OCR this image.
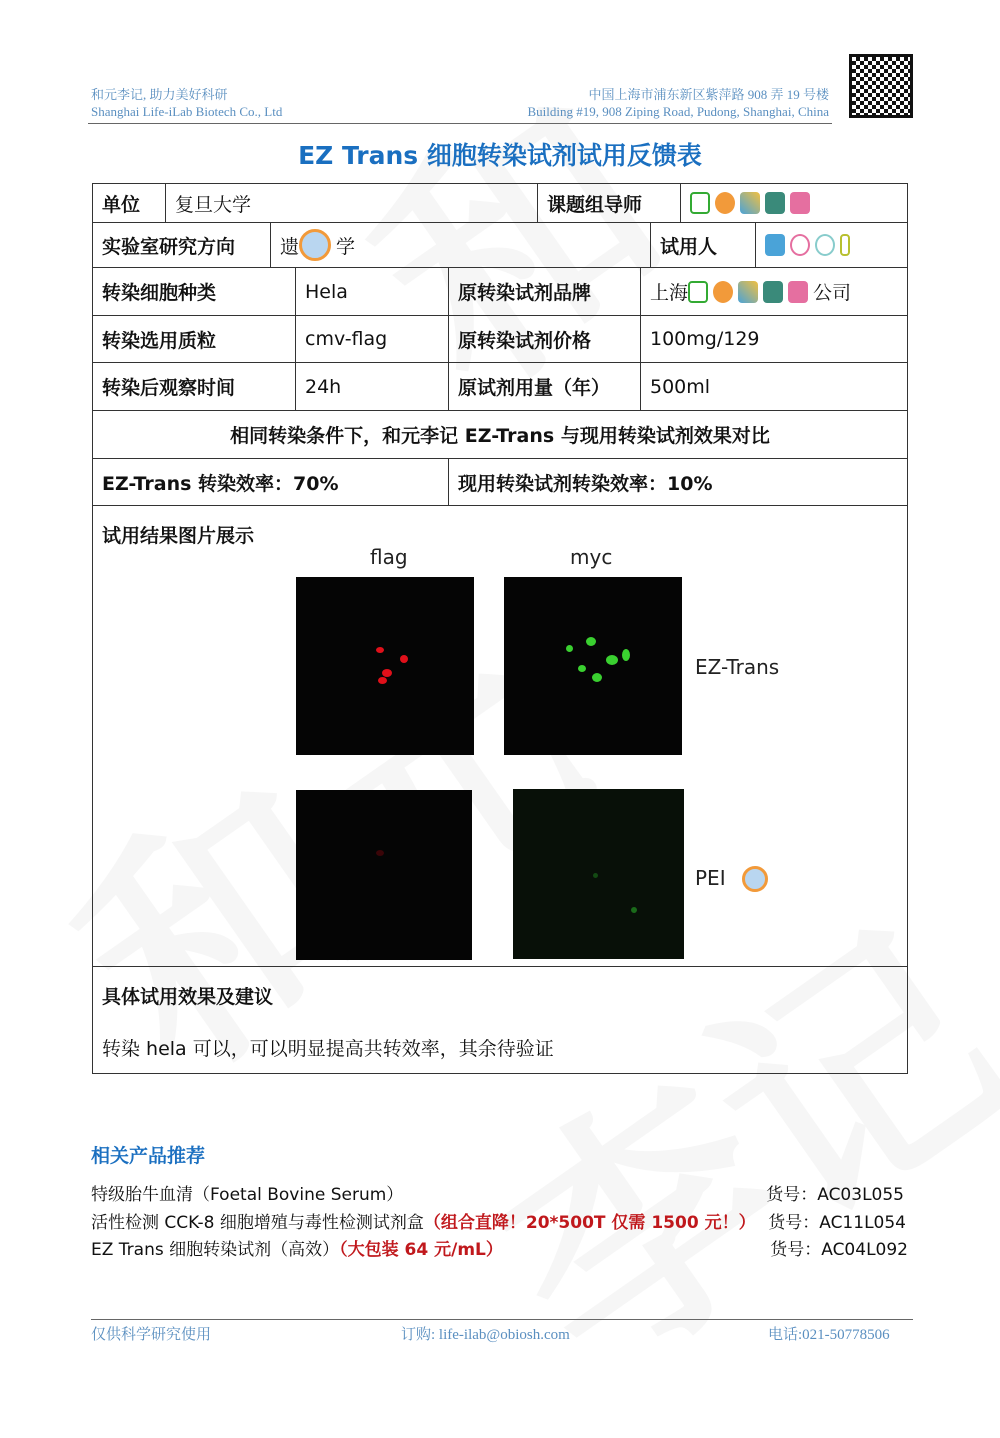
和元李记, 助力美好科研
Shanghai Life-iLab Biotech Co., Ltd
中国上海市浦东新区紫萍路 908 弄 19 号楼
Building #19, 908 Ziping Road, Pudong, Shanghai, China
EZ Trans 细胞转染试剂试用反馈表
单位	复旦大学	课题组导师
实验室研究方向	遗 学	试用人
转染细胞种类	Hela	原转染试剂品牌	上海	公司
转染选用质粒	cmv-flag	原转染试剂价格	100mg/129
转染后观察时间	24h	原试剂用量（年）	500ml
相同转染条件下，和元李记 EZ-Trans 与现用转染试剂效果对比
EZ-Trans 转染效率：70%	现用转染试剂转染效率：10%
试用结果图片展示
flag	myc
EZ-Trans
PEI
具体试用效果及建议
转染 hela 可以，可以明显提高共转效率，其余待验证
相关产品推荐
特级胎牛血清（Foetal Bovine Serum）	货号：AC03L055
活性检测 CCK-8 细胞增殖与毒性检测试剂盒（组合直降！20*500T 仅需 1500 元！） 货号：AC11L054
EZ Trans 细胞转染试剂（高效）（大包装 64 元/mL）	货号：AC04L092
仅供科学研究使用	订购: life-ilab@obiosh.com	电话:021-50778506
